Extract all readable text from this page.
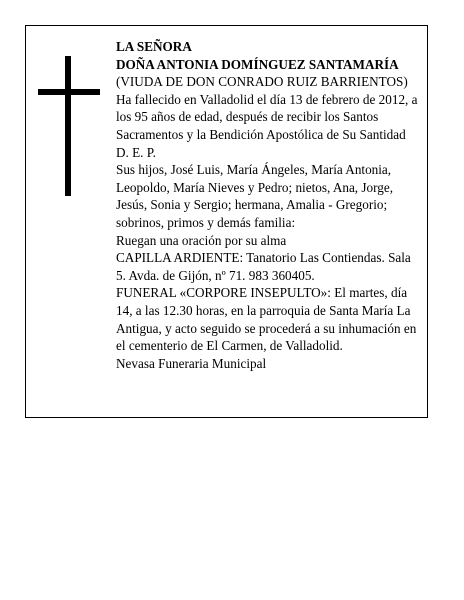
LA SEÑORA

DOÑA ANTONIA DOMÍNGUEZ SANTAMARÍA

(VIUDA DE DON CONRADO RUIZ BARRIENTOS)

Ha fallecido en Valladolid el día 13 de febrero de 2012, a los 95 años de edad, después de recibir los Santos Sacramentos y la Bendición Apostólica de Su Santidad

D. E. P.

Sus hijos, José Luis, María Ángeles, María Antonia, Leopoldo, María Nieves y Pedro; nietos, Ana, Jorge, Jesús, Sonia y Sergio; hermana, Amalia - Gregorio; sobrinos, primos y demás familia:

Ruegan una oración por su alma

CAPILLA ARDIENTE: Tanatorio Las Contiendas. Sala 5. Avda. de Gijón, nº 71. 983 360405.

FUNERAL «CORPORE INSEPULTO»: El martes, día 14, a las 12.30 horas, en la parroquia de Santa María La Antigua, y acto seguido se procederá a su inhumación en el cementerio de El Carmen, de Valladolid.

Nevasa Funeraria Municipal
